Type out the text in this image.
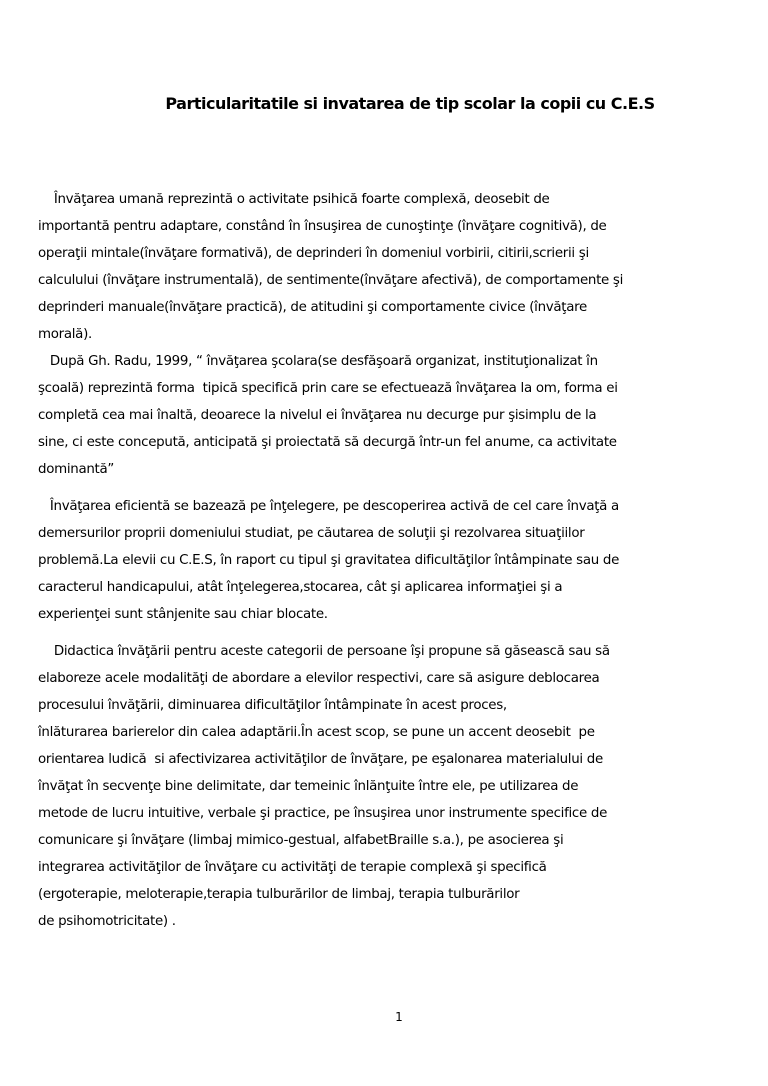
Particularitatile si invatarea de tip scolar la copii cu C.E.S

Învăţarea umană reprezintă o activitate psihică foarte complexă, deosebit de
importantă pentru adaptare, constând în însuşirea de cunoştinţe (învăţare cognitivă), de
operaţii mintale(învăţare formativă), de deprinderi în domeniul vorbirii, citirii,scrierii şi
calculului (învăţare instrumentală), de sentimente(învăţare afectivă), de comportamente şi
deprinderi manuale(învăţare practică), de atitudini şi comportamente civice (învăţare
morală).

După Gh. Radu, 1999, “ învăţarea şcolara(se desfăşoară organizat, instituţionalizat în
şcoală) reprezintă forma  tipică specifică prin care se efectuează învăţarea la om, forma ei
completă cea mai înaltă, deoarece la nivelul ei învăţarea nu decurge pur şisimplu de la
sine, ci este concepută, anticipată şi proiectată să decurgă într-un fel anume, ca activitate
dominantă”

Învăţarea eficientă se bazează pe înţelegere, pe descoperirea activă de cel care învaţă a
demersurilor proprii domeniului studiat, pe căutarea de soluţii şi rezolvarea situaţiilor
problemă.La elevii cu C.E.S, în raport cu tipul şi gravitatea dificultăţilor întâmpinate sau de
caracterul handicapului, atât înţelegerea,stocarea, cât şi aplicarea informaţiei şi a
experienţei sunt stânjenite sau chiar blocate.

Didactica învăţării pentru aceste categorii de persoane îşi propune să găsească sau să
elaboreze acele modalităţi de abordare a elevilor respectivi, care să asigure deblocarea
procesului învăţării, diminuarea dificultăţilor întâmpinate în acest proces,
înlăturarea barierelor din calea adaptării.În acest scop, se pune un accent deosebit  pe
orientarea ludică  si afectivizarea activităţilor de învăţare, pe eşalonarea materialului de
învăţat în secvenţe bine delimitate, dar temeinic înlănţuite între ele, pe utilizarea de
metode de lucru intuitive, verbale şi practice, pe însuşirea unor instrumente specifice de
comunicare şi învăţare (limbaj mimico-gestual, alfabetBraille s.a.), pe asocierea şi
integrarea activităţilor de învăţare cu activităţi de terapie complexă şi specifică
(ergoterapie, meloterapie,terapia tulburărilor de limbaj, terapia tulburărilor
de psihomotricitate) .

1
